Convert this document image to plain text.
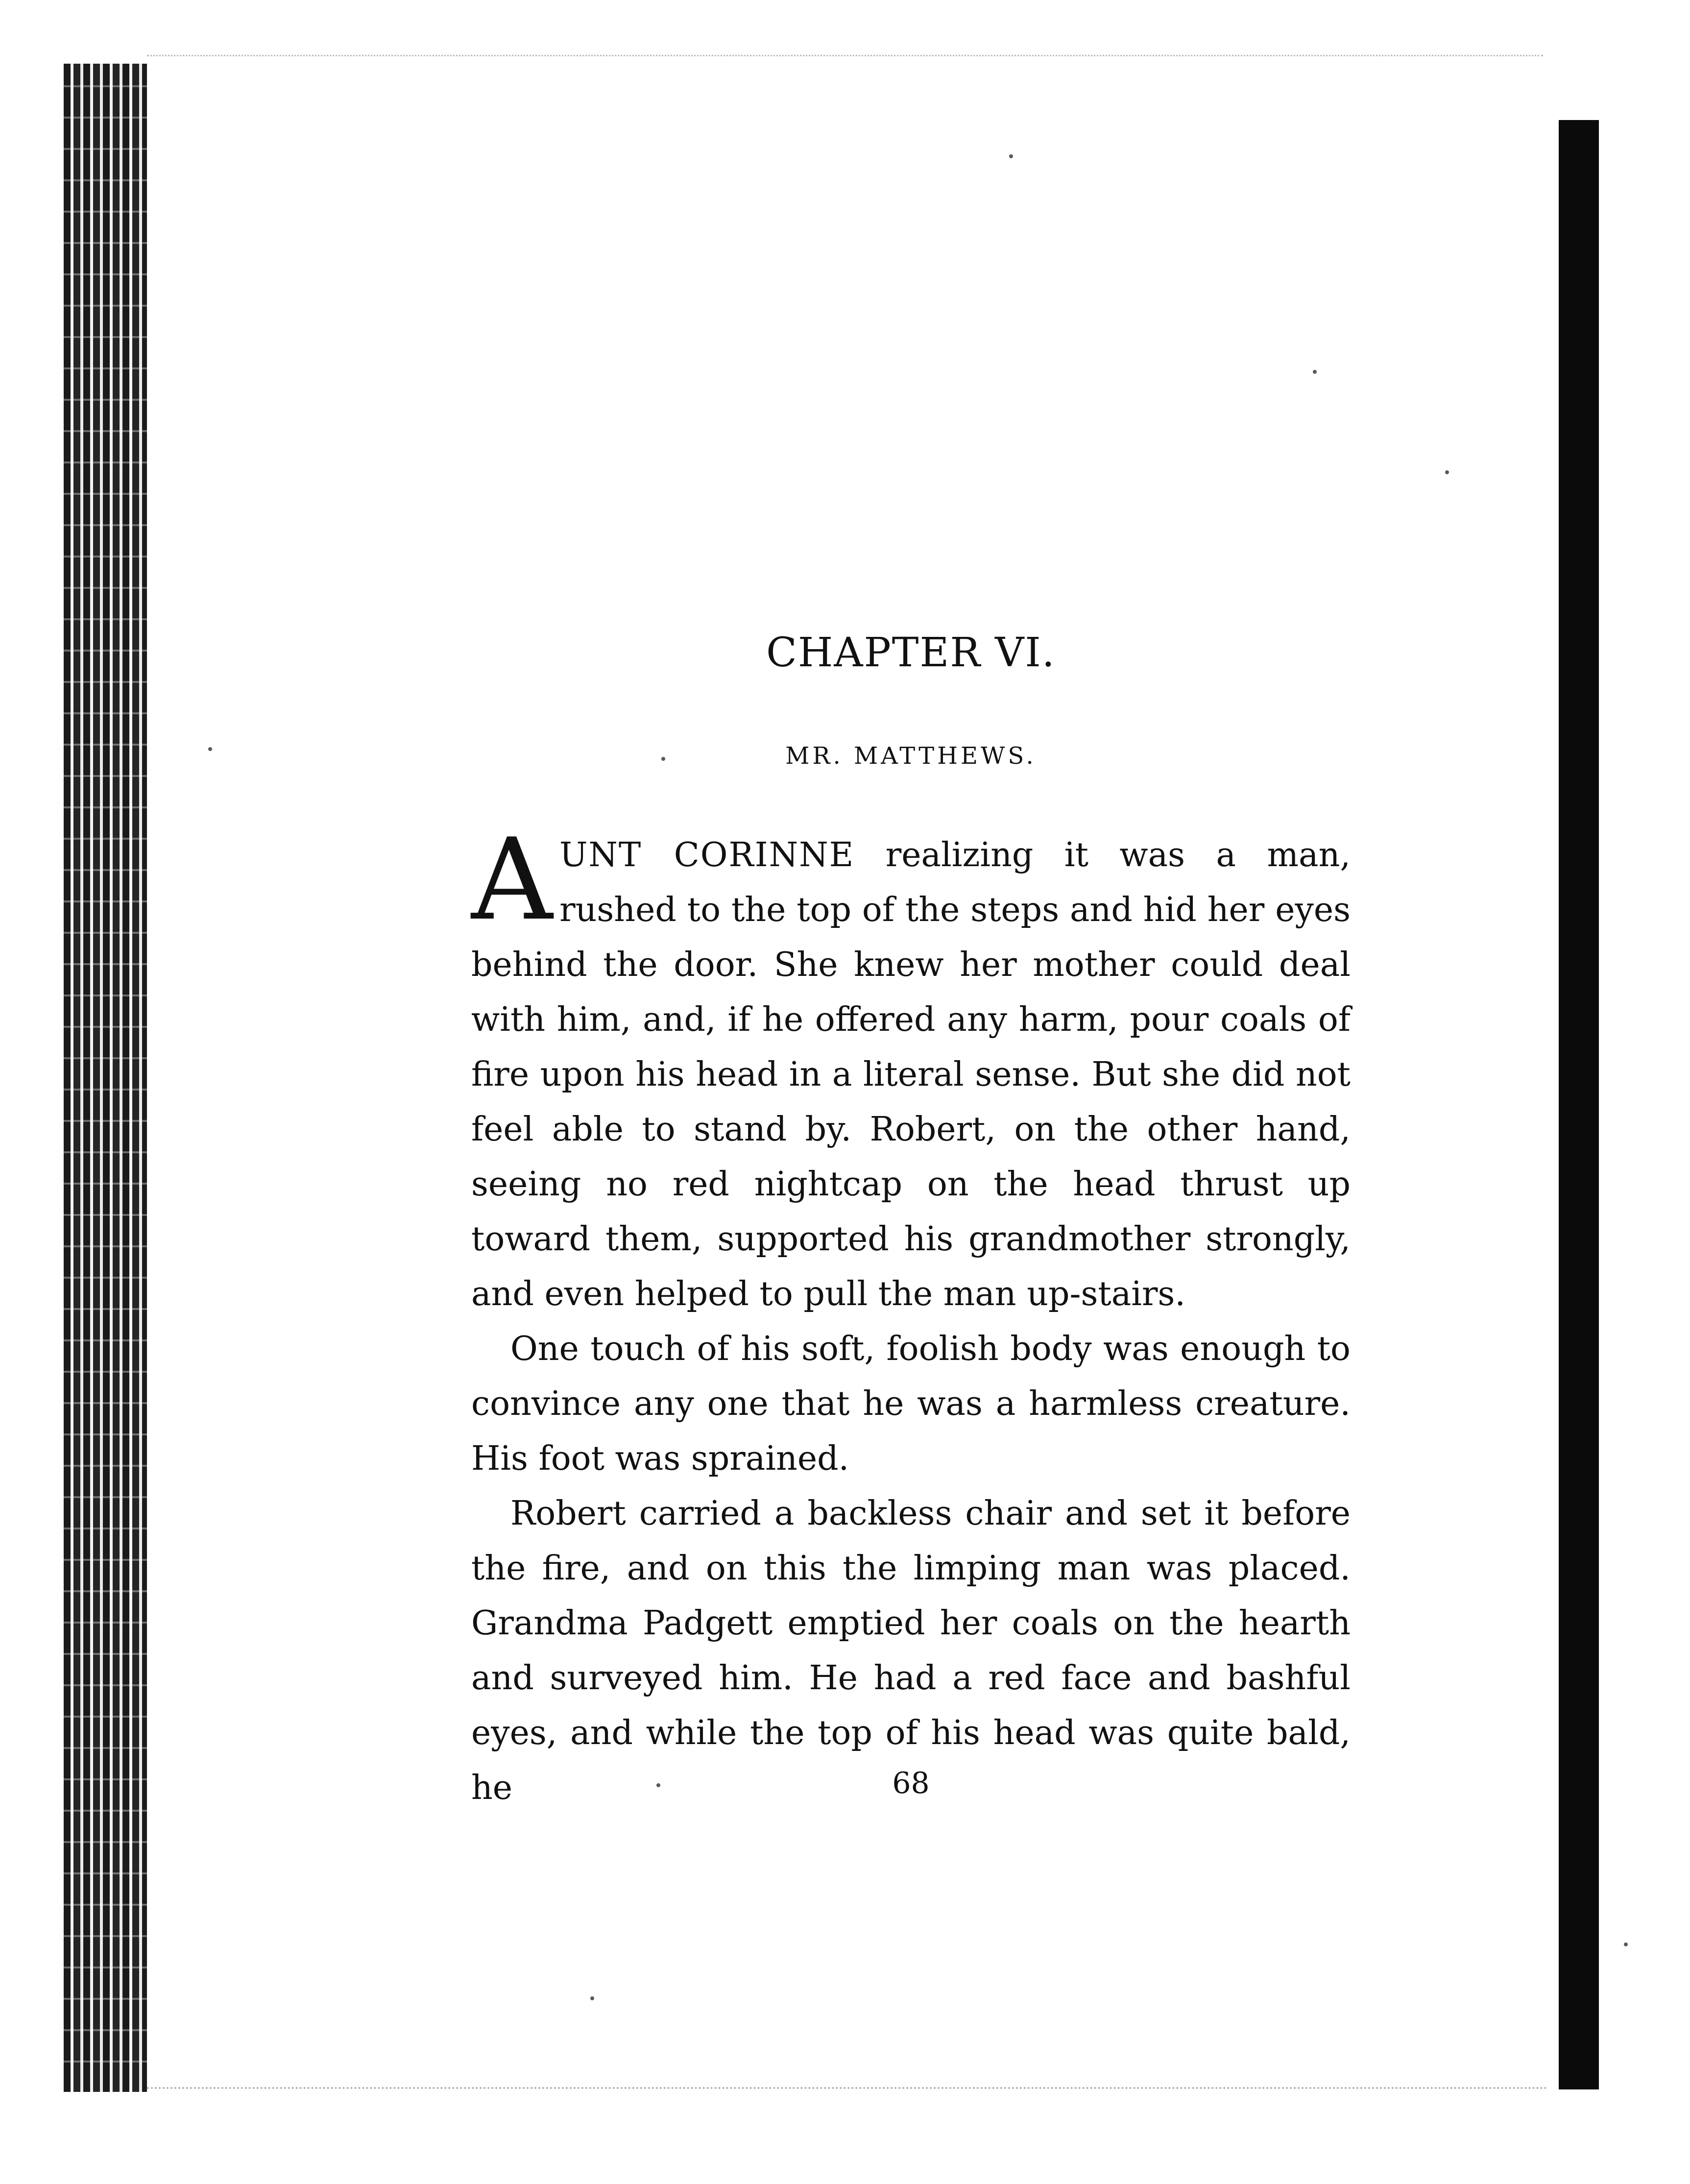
CHAPTER VI.
MR. MATTHEWS.

AUNT CORINNE realizing it was a man, rushed to the top of the steps and hid her eyes behind the door. She knew her mother could deal with him, and, if he offered any harm, pour coals of fire upon his head in a literal sense. But she did not feel able to stand by. Robert, on the other hand, seeing no red nightcap on the head thrust up toward them, supported his grandmother strongly, and even helped to pull the man up-stairs.

One touch of his soft, foolish body was enough to convince any one that he was a harmless creature. His foot was sprained.

Robert carried a backless chair and set it before the fire, and on this the limping man was placed. Grandma Padgett emptied her coals on the hearth and surveyed him. He had a red face and bashful eyes, and while the top of his head was quite bald, he	68
